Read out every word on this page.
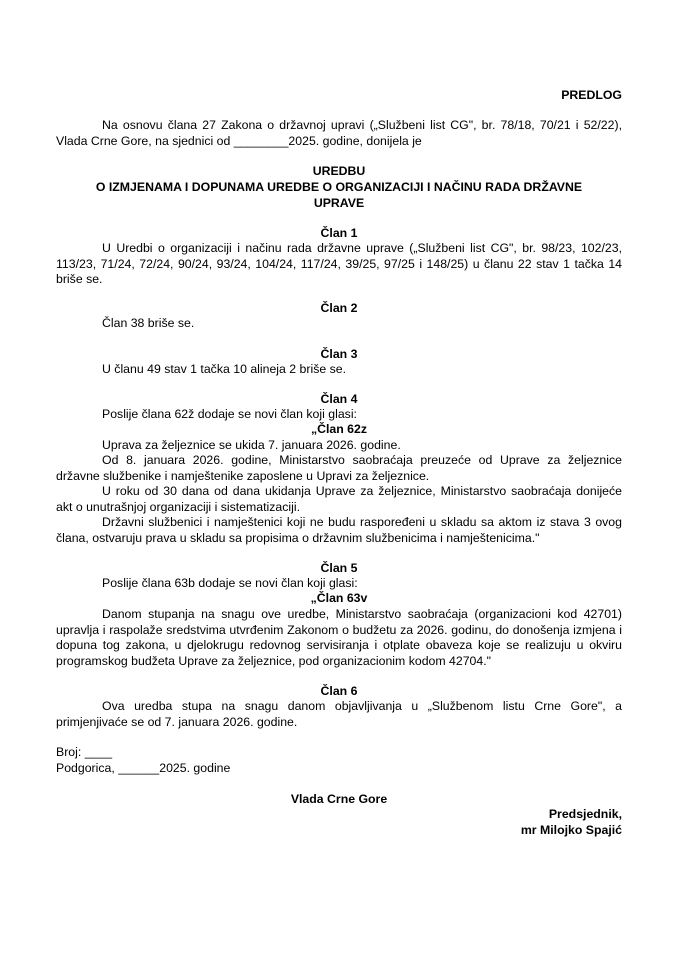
PREDLOG

Na osnovu člana 27 Zakona o državnoj upravi („Službeni list CG", br. 78/18, 70/21 i 52/22), Vlada Crne Gore, na sjednici od ________2025. godine, donijela je

UREDBU

O IZMJENAMA I DOPUNAMA UREDBE O ORGANIZACIJI I NAČINU RADA DRŽAVNE UPRAVE

Član 1

U Uredbi o organizaciji i načinu rada državne uprave („Službeni list CG", br. 98/23, 102/23, 113/23, 71/24, 72/24, 90/24, 93/24, 104/24, 117/24, 39/25, 97/25 i 148/25) u članu 22 stav 1 tačka 14 briše se.

Član 2

Član 38 briše se.

Član 3

U članu 49 stav 1 tačka 10 alineja 2 briše se.

Član 4

Poslije člana 62ž dodaje se novi član koji glasi:

„Član 62z

Uprava za željeznice se ukida 7. januara 2026. godine.

Od 8. januara 2026. godine, Ministarstvo saobraćaja preuzeće od Uprave za željeznice državne službenike i namještenike zaposlene u Upravi za željeznice.

U roku od 30 dana od dana ukidanja Uprave za željeznice, Ministarstvo saobraćaja donijeće akt o unutrašnjoj organizaciji i sistematizaciji.

Državni službenici i namještenici koji ne budu raspoređeni u skladu sa aktom iz stava 3 ovog člana, ostvaruju prava u skladu sa propisima o državnim službenicima i namještenicima."

Član 5

Poslije člana 63b dodaje se novi član koji glasi:

„Član 63v

Danom stupanja na snagu ove uredbe, Ministarstvo saobraćaja (organizacioni kod 42701) upravlja i raspolaže sredstvima utvrđenim Zakonom o budžetu za 2026. godinu, do donošenja izmjena i dopuna tog zakona, u djelokrugu redovnog servisiranja i otplate obaveza koje se realizuju u okviru programskog budžeta Uprave za željeznice, pod organizacionim kodom 42704."

Član 6

Ova uredba stupa na snagu danom objavljivanja u „Službenom listu Crne Gore", a primjenjivaće se od 7. januara 2026. godine.

Broj: ____

Podgorica, ______2025. godine

Vlada Crne Gore

Predsjednik,

mr Milojko Spajić
